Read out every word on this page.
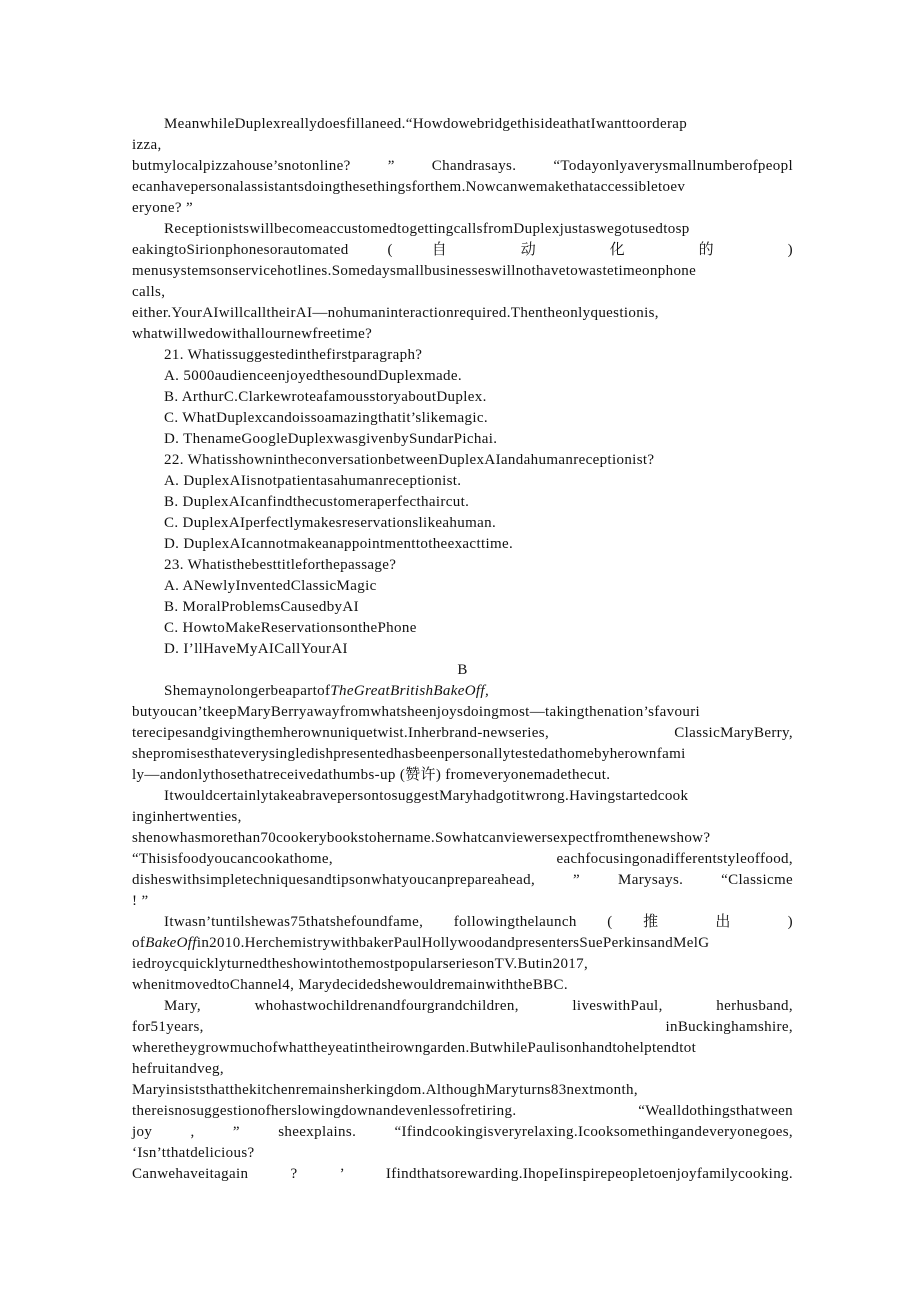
MeanwhileDuplexreallydoesfillaneed.“HowdowebridgethisideathatIwanttoorderap
izza,
butmylocalpizzahouse’snotonline? ” Chandrasays. “Todayonlyaverysmallnumberofpeopl
ecanhavepersonalassistantsdoingthesethingsforthem.Nowcanwemakethataccessibletoev
eryone? ”
ReceptionistswillbecomeaccustomedtogettingcallsfromDuplexjustaswegotusedtosp
eakingtoSirionphonesorautomated ( 自 动 化 的 )
menusystemsonservicehotlines.Somedaysmallbusinesseswillnothavetowastetimeonphone
calls,
either.YourAIwillcalltheirAI—nohumaninteractionrequired.Thentheonlyquestionis,
whatwillwedowithallournewfreetime?
21. Whatissuggestedinthefirstparagraph?
A. 5000audienceenjoyedthesoundDuplexmade.
B. ArthurC.ClarkewroteafamousstoryaboutDuplex.
C. WhatDuplexcandoissoamazingthatit’slikemagic.
D. ThenameGoogleDuplexwasgivenbySundarPichai.
22. WhatisshownintheconversationbetweenDuplexAIandahumanreceptionist?
A. DuplexAIisnotpatientasahumanreceptionist.
B. DuplexAIcanfindthecustomeraperfecthaircut.
C. DuplexAIperfectlymakesreservationslikeahuman.
D. DuplexAIcannotmakeanappointmenttotheexacttime.
23. Whatisthebesttitleforthepassage?
A. ANewlyInventedClassicMagic
B. MoralProblemsCausedbyAI
C. HowtoMakeReservationsonthePhone
D. I’llHaveMyAICallYourAI
B
ShemaynolongerbeapartofTheGreatBritishBakeOff,
butyoucan’tkeepMaryBerryawayfromwhatsheenjoysdoingmost—takingthenation’sfavouri
terecipesandgivingthemherownuniquetwist.Inherbrand-newseries, ClassicMaryBerry,
shepromisesthateverysingledishpresentedhasbeenpersonallytestedathomebyherownfami
ly—andonlythosethatreceivedathumbs-up (赞许) fromeveryonemadethecut.
ItwouldcertainlytakeabravepersontosuggestMaryhadgotitwrong.Havingstartedcook
inginhertwenties,
shenowhasmorethan70cookerybookstohername.Sowhatcanviewersexpectfromthenewshow?
“Thisisfoodyoucancookathome, eachfocusingonadifferentstyleoffood,
disheswithsimpletechniquesandtipsonwhatyoucanprepareahead, ” Marysays. “Classicme
! ”
Itwasn’tuntilshewas75thatshefoundfame, followingthelaunch ( 推 出 )
ofBakeOffin2010.HerchemistrywithbakerPaulHollywoodandpresentersSuePerkinsandMelG
iedroycquicklyturnedtheshowintothemostpopularseriesonTV.Butin2017,
whenitmovedtoChannel4, MarydecidedshewouldremainwiththeBBC.
Mary, whohastwochildrenandfourgrandchildren, liveswithPaul, herhusband,
for51years, inBuckinghamshire,
wheretheygrowmuchofwhattheyeatintheirowngarden.ButwhilePaulisonhandtohelptendtot
hefruitandveg,
Maryinsiststhatthekitchenremainsherkingdom.AlthoughMaryturns83nextmonth,
thereisnosuggestionofherslowingdownandevenlessofretiring. “Wealldothingsthatween
joy , ” sheexplains. “Ifindcookingisveryrelaxing.Icooksomethingandeveryonegoes,
‘Isn’tthatdelicious?
Canwehaveitagain ? ’ Ifindthatsorewarding.IhopeIinspirepeopletoenjoyfamilycooking.
